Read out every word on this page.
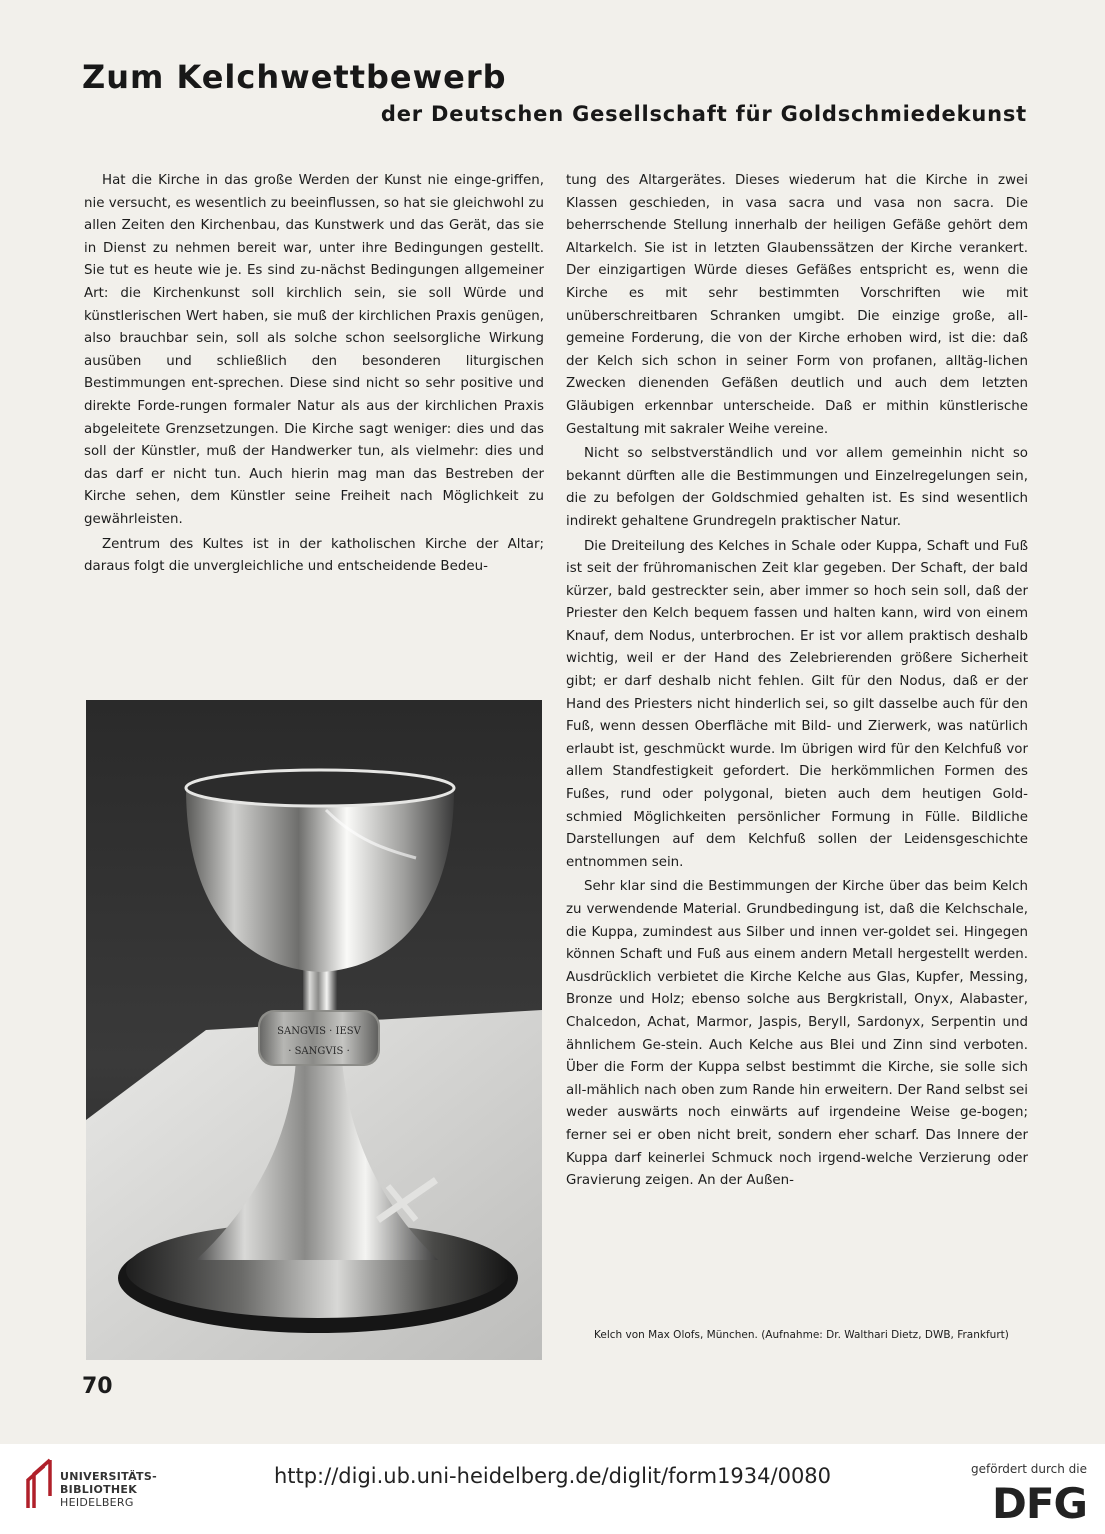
Zum Kelchwettbewerb
der Deutschen Gesellschaft für Goldschmiedekunst

Hat die Kirche in das große Werden der Kunst nie einge-griffen, nie versucht, es wesentlich zu beeinflussen, so hat sie gleichwohl zu allen Zeiten den Kirchenbau, das Kunstwerk und das Gerät, das sie in Dienst zu nehmen bereit war, unter ihre Bedingungen gestellt. Sie tut es heute wie je. Es sind zu-nächst Bedingungen allgemeiner Art: die Kirchenkunst soll kirchlich sein, sie soll Würde und künstlerischen Wert haben, sie muß der kirchlichen Praxis genügen, also brauchbar sein, soll als solche schon seelsorgliche Wirkung ausüben und schließlich den besonderen liturgischen Bestimmungen ent-sprechen. Diese sind nicht so sehr positive und direkte Forde-rungen formaler Natur als aus der kirchlichen Praxis abgeleitete Grenzsetzungen. Die Kirche sagt weniger: dies und das soll der Künstler, muß der Handwerker tun, als vielmehr: dies und das darf er nicht tun. Auch hierin mag man das Bestreben der Kirche sehen, dem Künstler seine Freiheit nach Möglichkeit zu gewährleisten.

Zentrum des Kultes ist in der katholischen Kirche der Altar; daraus folgt die unvergleichliche und entscheidende Bedeu-

tung des Altargerätes. Dieses wiederum hat die Kirche in zwei Klassen geschieden, in vasa sacra und vasa non sacra. Die beherrschende Stellung innerhalb der heiligen Gefäße gehört dem Altarkelch. Sie ist in letzten Glaubenssätzen der Kirche verankert. Der einzigartigen Würde dieses Gefäßes entspricht es, wenn die Kirche es mit sehr bestimmten Vorschriften wie mit unüberschreitbaren Schranken umgibt. Die einzige große, all-gemeine Forderung, die von der Kirche erhoben wird, ist die: daß der Kelch sich schon in seiner Form von profanen, alltäg-lichen Zwecken dienenden Gefäßen deutlich und auch dem letzten Gläubigen erkennbar unterscheide. Daß er mithin künstlerische Gestaltung mit sakraler Weihe vereine.

Nicht so selbstverständlich und vor allem gemeinhin nicht so bekannt dürften alle die Bestimmungen und Einzelregelungen sein, die zu befolgen der Goldschmied gehalten ist. Es sind wesentlich indirekt gehaltene Grundregeln praktischer Natur.

Die Dreiteilung des Kelches in Schale oder Kuppa, Schaft und Fuß ist seit der frühromanischen Zeit klar gegeben. Der Schaft, der bald kürzer, bald gestreckter sein, aber immer so hoch sein soll, daß der Priester den Kelch bequem fassen und halten kann, wird von einem Knauf, dem Nodus, unterbrochen. Er ist vor allem praktisch deshalb wichtig, weil er der Hand des Zelebrierenden größere Sicherheit gibt; er darf deshalb nicht fehlen. Gilt für den Nodus, daß er der Hand des Priesters nicht hinderlich sei, so gilt dasselbe auch für den Fuß, wenn dessen Oberfläche mit Bild- und Zierwerk, was natürlich erlaubt ist, geschmückt wurde. Im übrigen wird für den Kelchfuß vor allem Standfestigkeit gefordert. Die herkömmlichen Formen des Fußes, rund oder polygonal, bieten auch dem heutigen Gold-schmied Möglichkeiten persönlicher Formung in Fülle. Bildliche Darstellungen auf dem Kelchfuß sollen der Leidensgeschichte entnommen sein.

Sehr klar sind die Bestimmungen der Kirche über das beim Kelch zu verwendende Material. Grundbedingung ist, daß die Kelchschale, die Kuppa, zumindest aus Silber und innen ver-goldet sei. Hingegen können Schaft und Fuß aus einem andern Metall hergestellt werden. Ausdrücklich verbietet die Kirche Kelche aus Glas, Kupfer, Messing, Bronze und Holz; ebenso solche aus Bergkristall, Onyx, Alabaster, Chalcedon, Achat, Marmor, Jaspis, Beryll, Sardonyx, Serpentin und ähnlichem Ge-stein. Auch Kelche aus Blei und Zinn sind verboten. Über die Form der Kuppa selbst bestimmt die Kirche, sie solle sich all-mählich nach oben zum Rande hin erweitern. Der Rand selbst sei weder auswärts noch einwärts auf irgendeine Weise ge-bogen; ferner sei er oben nicht breit, sondern eher scharf. Das Innere der Kuppa darf keinerlei Schmuck noch irgend-welche Verzierung oder Gravierung zeigen. An der Außen-

SANGVIS · IESV
· SANGVIS ·

Kelch von Max Olofs, München. (Aufnahme: Dr. Walthari Dietz, DWB, Frankfurt)

70

UNIVERSITÄTS-
BIBLIOTHEK
HEIDELBERG
http://digi.ub.uni-heidelberg.de/diglit/form1934/0080	gefördert durch die

DFG
